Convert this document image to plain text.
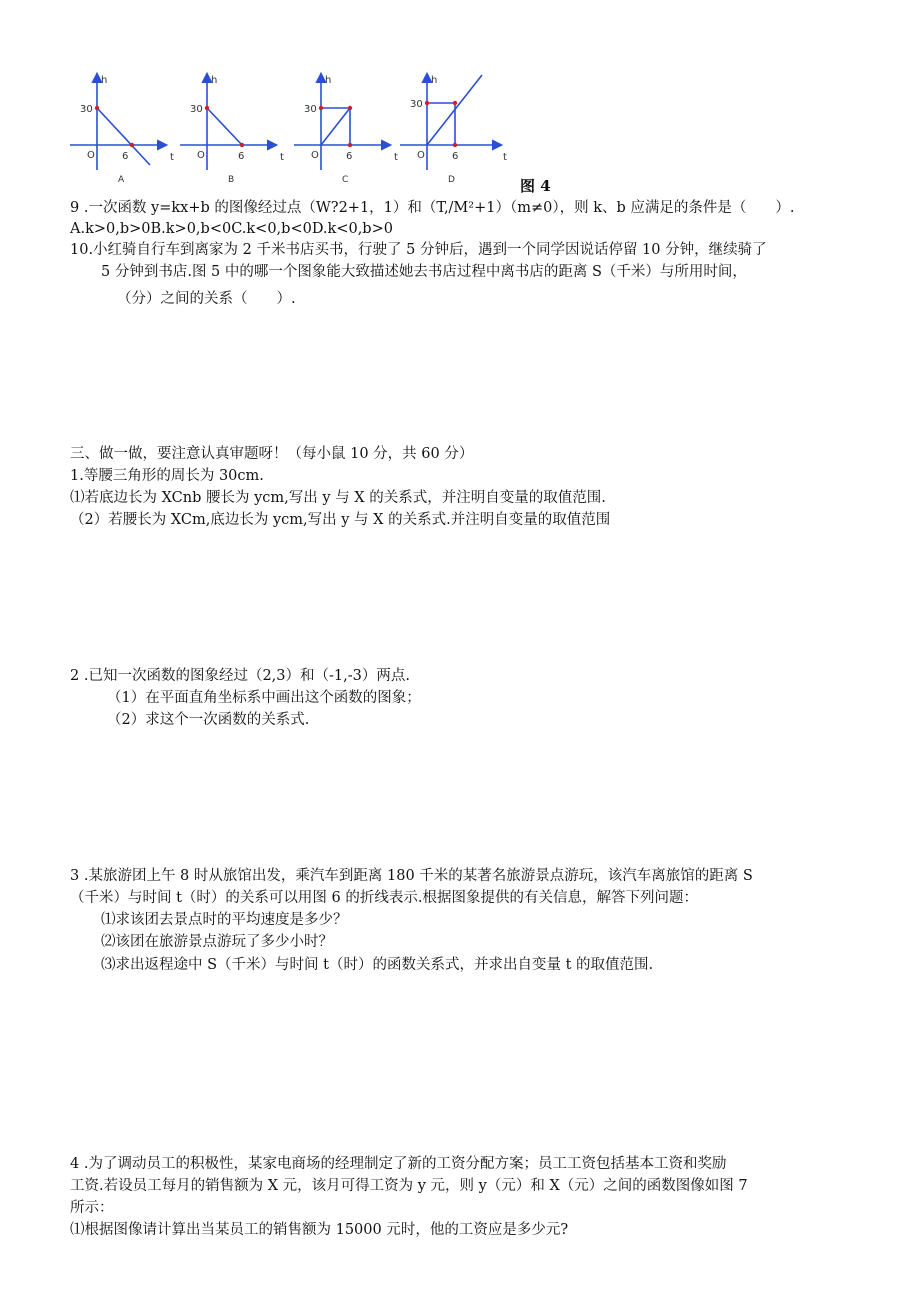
h
30
O	6	t
A
h
30
O	6	t
B
h
30
O	6	t
C
h
30
O	6	t
D	图 4
9 .一次函数 y=kx+b 的图像经过点（W?2+1，1）和（T,/M²+1）（m≠0），则 k、b 应满足的条件是（　　）.
A.k>0,b>0B.k>0,b<0C.k<0,b<0D.k<0,b>0
10.小红骑自行车到离家为 2 千米书店买书，行驶了 5 分钟后，遇到一个同学因说话停留 10 分钟，继续骑了
5 分钟到书店.图 5 中的哪一个图象能大致描述她去书店过程中离书店的距离 S（千米）与所用时间，
（分）之间的关系（　　）.
三、做一做，要注意认真审题呀！（每小鼠 10 分，共 60 分）
1.等腰三角形的周长为 30cm.
⑴若底边长为 XCnb 腰长为 ycm,写出 y 与 X 的关系式，并注明自变量的取值范围.
（2）若腰长为 XCm,底边长为 ycm,写出 y 与 X 的关系式.并注明自变量的取值范围
2 .已知一次函数的图象经过（2,3）和（-1,-3）两点.
（1）在平面直角坐标系中画出这个函数的图象；
（2）求这个一次函数的关系式.
3 .某旅游团上午 8 时从旅馆出发，乘汽车到距离 180 千米的某著名旅游景点游玩，该汽车离旅馆的距离 S
（千米）与时间 t（时）的关系可以用图 6 的折线表示.根据图象提供的有关信息，解答下列问题：
⑴求该团去景点时的平均速度是多少？
⑵该团在旅游景点游玩了多少小时？
⑶求出返程途中 S（千米）与时间 t（时）的函数关系式，并求出自变量 t 的取值范围.
4 .为了调动员工的积极性，某家电商场的经理制定了新的工资分配方案；员工工资包括基本工资和奖励
工资.若设员工每月的销售额为 X 元，该月可得工资为 y 元，则 y（元）和 X（元）之间的函数图像如图 7
所示：
⑴根据图像请计算出当某员工的销售额为 15000 元时，他的工资应是多少元?
